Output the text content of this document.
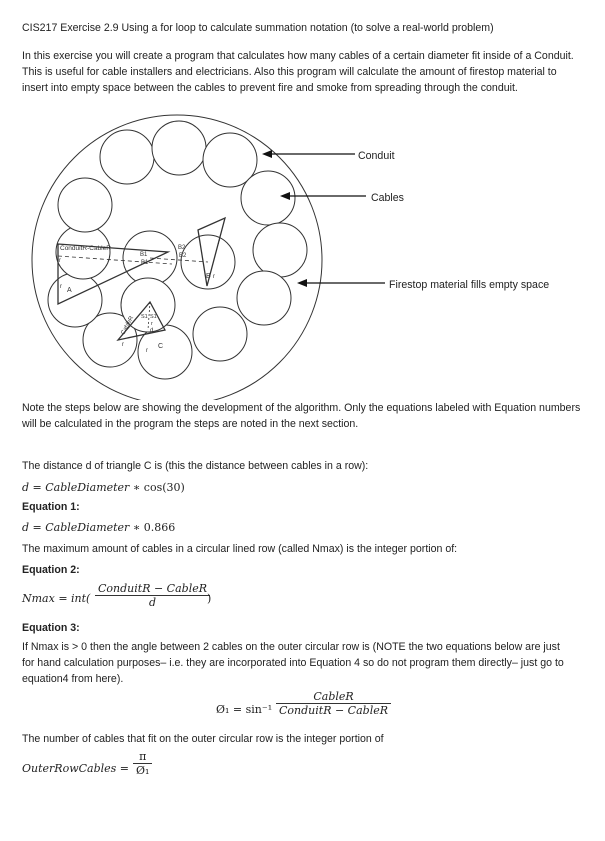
CIS217 Exercise 2.9 Using a for loop to calculate summation notation (to solve a real-world problem)
In this exercise you will create a program that calculates how many cables of a certain diameter fit inside of a Conduit. This is useful for cable installers and electricians. Also this program will calculate the amount of firestop material to insert into empty space between the cables to prevent fire and smoke from spreading through the conduit.
ConduitR-CableR
r
r A
B1
B1
B2
B2
r
B r
CableR S1 S1
d
r
r
r
C
Conduit
Cables
Firestop material fills empty space
Note the steps below are showing the development of the algorithm. Only the equations labeled with Equation numbers will be calculated in the program the steps are noted in the next section.
The distance d of triangle C is (this the distance between cables in a row):
d = CableDiameter ∗ cos(30)
Equation 1:
d = CableDiameter ∗ 0.866
The maximum amount of cables in a circular lined row (called Nmax) is the integer portion of:
Equation 2:
Nmax = int(
ConduitR − CableR
d	)
Equation 3:
If Nmax is > 0 then the angle between 2 cables on the outer circular row is (NOTE the two equations below are just for hand calculation purposes– i.e. they are incorporated into Equation 4 so do not program them directly– just go to equation4 from here).
Ø₁ = sin⁻¹
CableR
ConduitR − CableR
The number of cables that fit on the outer circular row is the integer portion of
OuterRowCables = $\frac{\pi}{\text{Ø₁}}$
